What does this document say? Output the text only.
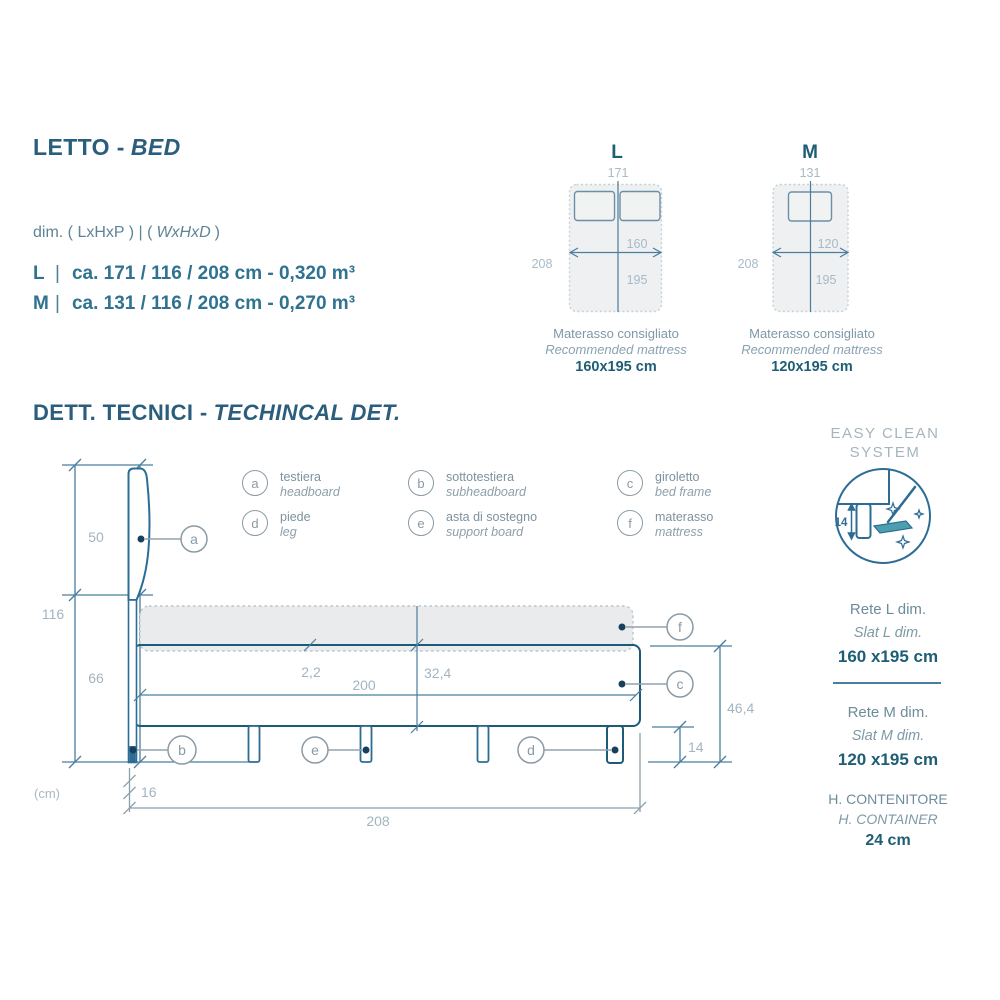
LETTO - BED
dim. ( LxHxP ) | ( WxHxD )
L | ca. 171 / 116 / 208 cm - 0,320 m³
M | ca. 131 / 116 / 208 cm - 0,270 m³
L
171
160
195
208
Materasso consigliato
Recommended mattress
160x195 cm
M
131
120
195
208
Materasso consigliato
Recommended mattress
120x195 cm
DETT. TECNICI - TECHINCAL DET.
a	testiera
headboard
b	sottotestiera
subheadboard
c	giroletto
bed frame
d	piede
leg
e	asta di sostegno
support board
f	materasso
mattress
116
50
66
(cm)
200
2,2	32,4
46,4
14
16
208
a
b
c
d
e
f
EASY CLEAN
SYSTEM
14
Rete L dim.
Slat L dim.
160 x195 cm
Rete M dim.
Slat M dim.
120 x195 cm
H. CONTENITORE
H. CONTAINER
24 cm
